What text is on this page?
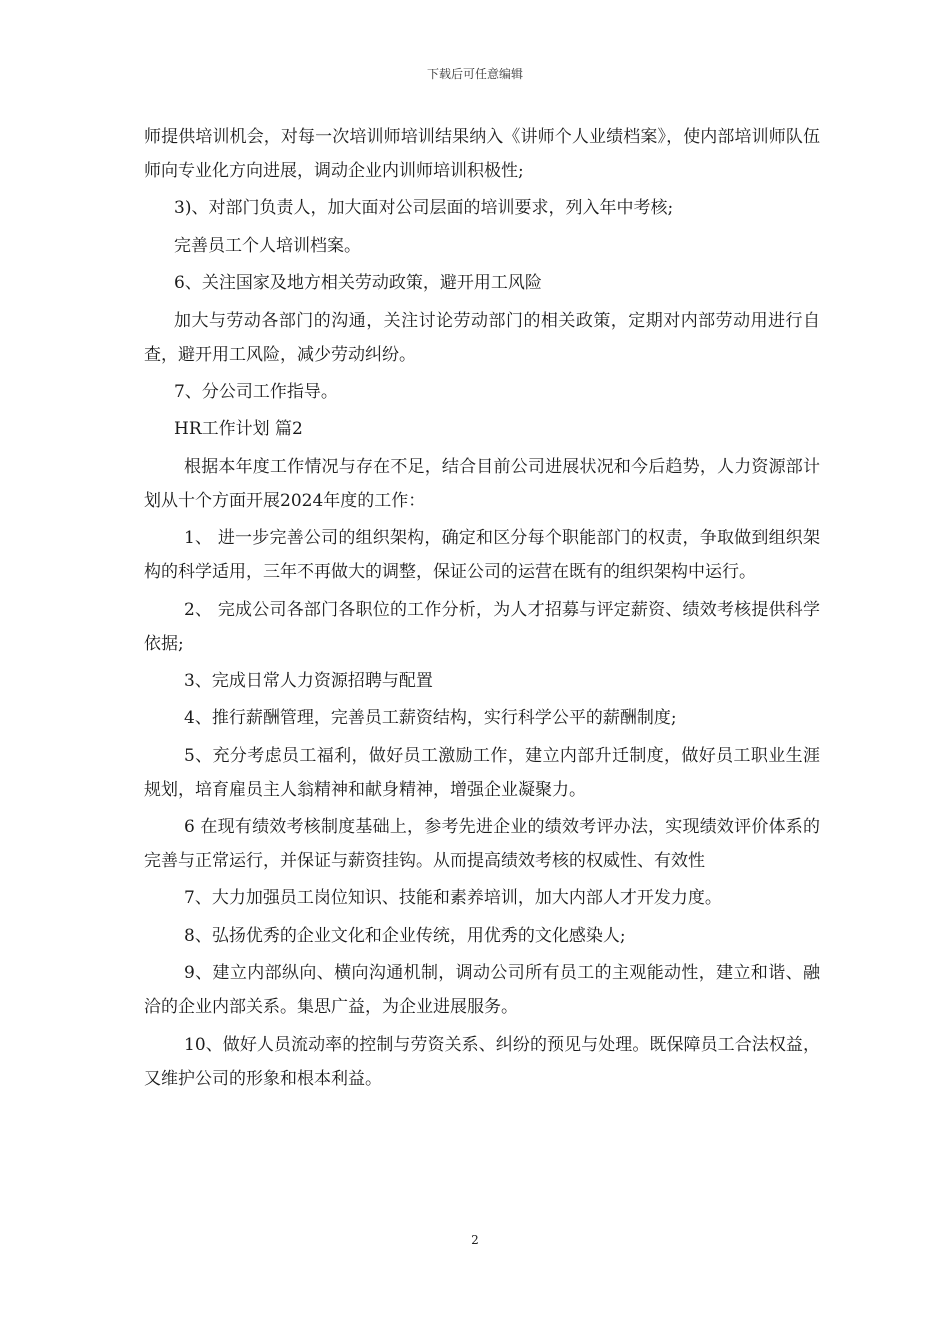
下载后可任意编辑

师提供培训机会，对每一次培训师培训结果纳入《讲师个人业绩档案》，使内部培训师队伍师向专业化方向进展，调动企业内训师培训积极性;

3)、对部门负责人，加大面对公司层面的培训要求，列入年中考核;

完善员工个人培训档案。

6、关注国家及地方相关劳动政策，避开用工风险

加大与劳动各部门的沟通，关注讨论劳动部门的相关政策，定期对内部劳动用进行自查，避开用工风险，减少劳动纠纷。

7、分公司工作指导。

HR工作计划 篇2

根据本年度工作情况与存在不足，结合目前公司进展状况和今后趋势，人力资源部计划从十个方面开展2024年度的工作：

1、 进一步完善公司的组织架构，确定和区分每个职能部门的权责，争取做到组织架构的科学适用，三年不再做大的调整，保证公司的运营在既有的组织架构中运行。

2、 完成公司各部门各职位的工作分析，为人才招募与评定薪资、绩效考核提供科学依据;

3、完成日常人力资源招聘与配置

4、推行薪酬管理，完善员工薪资结构，实行科学公平的薪酬制度;

5、充分考虑员工福利，做好员工激励工作，建立内部升迁制度，做好员工职业生涯规划，培育雇员主人翁精神和献身精神，增强企业凝聚力。

6 在现有绩效考核制度基础上，参考先进企业的绩效考评办法，实现绩效评价体系的完善与正常运行，并保证与薪资挂钩。从而提高绩效考核的权威性、有效性

7、大力加强员工岗位知识、技能和素养培训，加大内部人才开发力度。

8、弘扬优秀的企业文化和企业传统，用优秀的文化感染人;

9、建立内部纵向、横向沟通机制，调动公司所有员工的主观能动性，建立和谐、融洽的企业内部关系。集思广益，为企业进展服务。

10、做好人员流动率的控制与劳资关系、纠纷的预见与处理。既保障员工合法权益，又维护公司的形象和根本利益。

2
